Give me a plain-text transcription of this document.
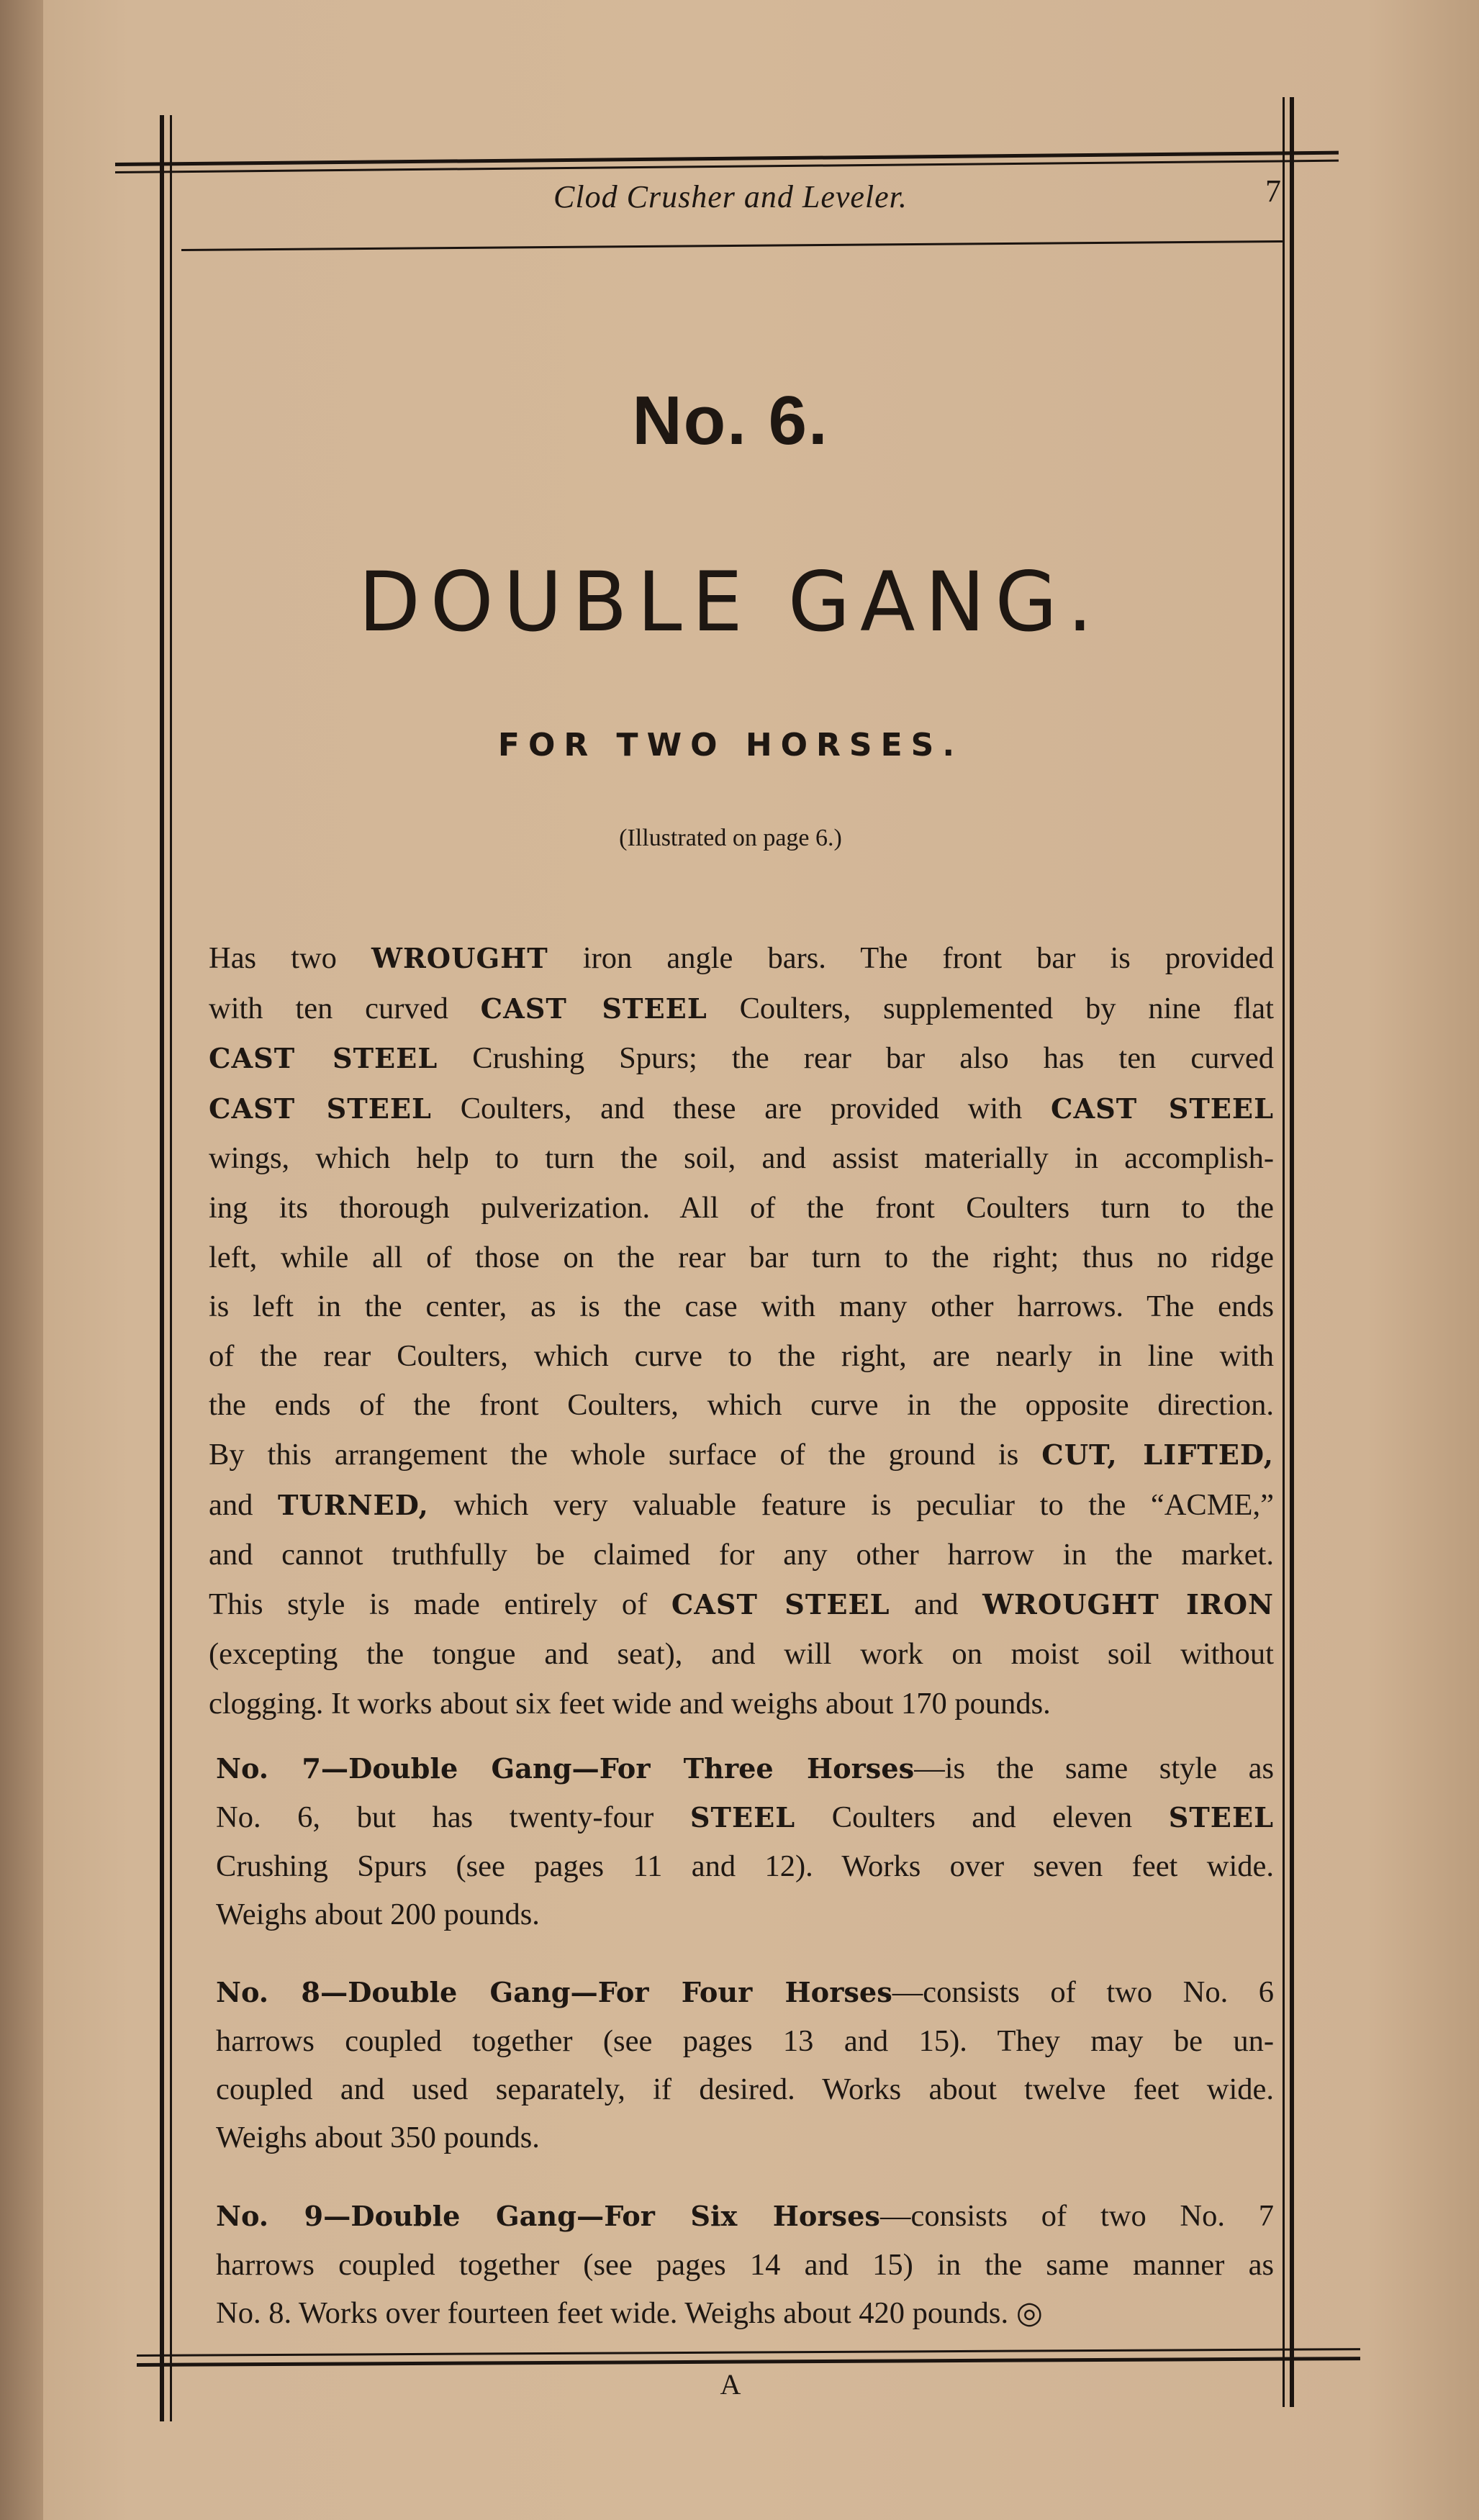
Clod Crusher and Leveler.	7
No. 6.
DOUBLE GANG.
FOR TWO HORSES.
(Illustrated on page 6.)
Has two WROUGHT iron angle bars. The front bar is provided
with ten curved CAST STEEL Coulters, supplemented by nine flat
CAST STEEL Crushing Spurs; the rear bar also has ten curved
CAST STEEL Coulters, and these are provided with CAST STEEL
wings, which help to turn the soil, and assist materially in accomplish-
ing its thorough pulverization. All of the front Coulters turn to the
left, while all of those on the rear bar turn to the right; thus no ridge
is left in the center, as is the case with many other harrows. The ends
of the rear Coulters, which curve to the right, are nearly in line with
the ends of the front Coulters, which curve in the opposite direction.
By this arrangement the whole surface of the ground is CUT, LIFTED,
and TURNED, which very valuable feature is peculiar to the “ACME,”
and cannot truthfully be claimed for any other harrow in the market.
This style is made entirely of CAST STEEL and WROUGHT IRON
(excepting the tongue and seat), and will work on moist soil without
clogging. It works about six feet wide and weighs about 170 pounds.
No. 7—Double Gang—For Three Horses—is the same style as
No. 6, but has twenty-four STEEL Coulters and eleven STEEL
Crushing Spurs (see pages 11 and 12). Works over seven feet wide.
Weighs about 200 pounds.
No. 8—Double Gang—For Four Horses—consists of two No. 6
harrows coupled together (see pages 13 and 15). They may be un-
coupled and used separately, if desired. Works about twelve feet wide.
Weighs about 350 pounds.
No. 9—Double Gang—For Six Horses—consists of two No. 7
harrows coupled together (see pages 14 and 15) in the same manner as
No. 8. Works over fourteen feet wide. Weighs about 420 pounds. ◎
A
